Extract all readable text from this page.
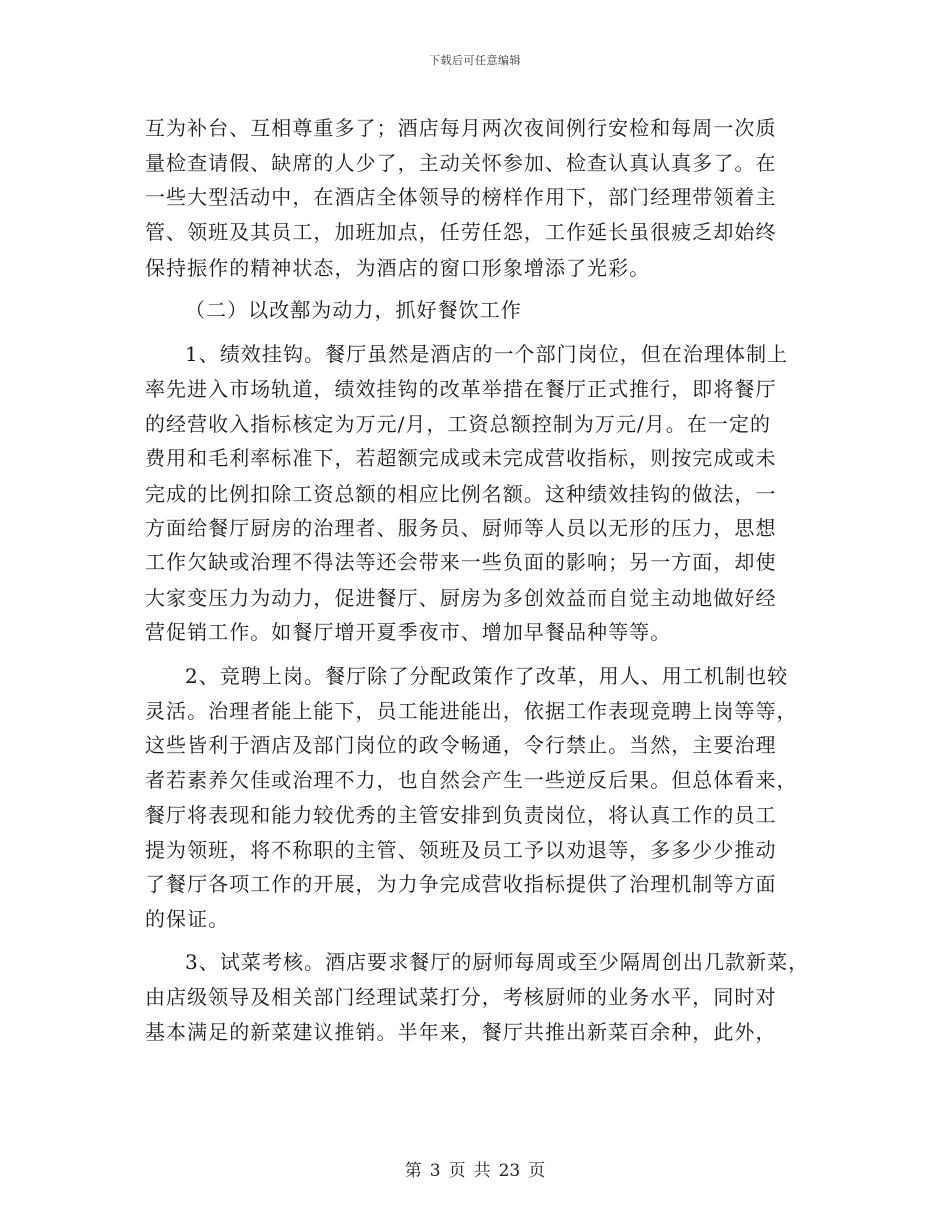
下载后可任意编辑
互为补台、互相尊重多了；酒店每月两次夜间例行安检和每周一次质
量检查请假、缺席的人少了，主动关怀参加、检查认真认真多了。在
一些大型活动中，在酒店全体领导的榜样作用下，部门经理带领着主
管、领班及其员工，加班加点，任劳任怨，工作延长虽很疲乏却始终
保持振作的精神状态，为酒店的窗口形象增添了光彩。
（二）以改鄯为动力，抓好餐饮工作
1、绩效挂钩。餐厅虽然是酒店的一个部门岗位，但在治理体制上
率先进入市场轨道，绩效挂钩的改革举措在餐厅正式推行，即将餐厅
的经营收入指标核定为万元/月，工资总额控制为万元/月。在一定的
费用和毛利率标准下，若超额完成或未完成营收指标，则按完成或未
完成的比例扣除工资总额的相应比例名额。这种绩效挂钩的做法，一
方面给餐厅厨房的治理者、服务员、厨师等人员以无形的压力，思想
工作欠缺或治理不得法等还会带来一些负面的影响；另一方面，却使
大家变压力为动力，促进餐厅、厨房为多创效益而自觉主动地做好经
营促销工作。如餐厅增开夏季夜市、增加早餐品种等等。
2、竞聘上岗。餐厅除了分配政策作了改革，用人、用工机制也较
灵活。治理者能上能下，员工能进能出，依据工作表现竞聘上岗等等，
这些皆利于酒店及部门岗位的政令畅通，令行禁止。当然，主要治理
者若素养欠佳或治理不力，也自然会产生一些逆反后果。但总体看来，
餐厅将表现和能力较优秀的主管安排到负责岗位，将认真工作的员工
提为领班，将不称职的主管、领班及员工予以劝退等，多多少少推动
了餐厅各项工作的开展，为力争完成营收指标提供了治理机制等方面
的保证。
3、试菜考核。酒店要求餐厅的厨师每周或至少隔周创出几款新菜，
由店级领导及相关部门经理试菜打分，考核厨师的业务水平，同时对
基本满足的新菜建议推销。半年来，餐厅共推出新菜百余种，此外，
第 3 页 共 23 页
